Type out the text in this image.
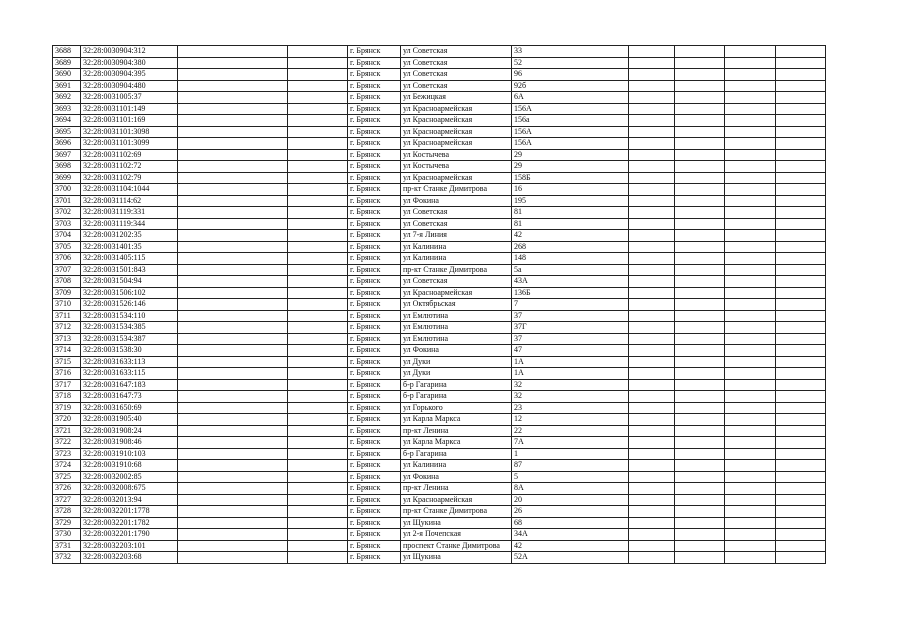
3688	32:28:0030904:312			г. Брянск	ул Советская	33				
3689	32:28:0030904:380			г. Брянск	ул Советская	52				
3690	32:28:0030904:395			г. Брянск	ул Советская	96				
3691	32:28:0030904:480			г. Брянск	ул Советская	92б				
3692	32:28:0031005:37			г. Брянск	ул Бежицкая	6А				
3693	32:28:0031101:149			г. Брянск	ул Красноармейская	156А				
3694	32:28:0031101:169			г. Брянск	ул Красноармейская	156а				
3695	32:28:0031101:3098			г. Брянск	ул Красноармейская	156А				
3696	32:28:0031101:3099			г. Брянск	ул Красноармейская	156А				
3697	32:28:0031102:69			г. Брянск	ул Костычева	29				
3698	32:28:0031102:72			г. Брянск	ул Костычева	29				
3699	32:28:0031102:79			г. Брянск	ул Красноармейская	158Б				
3700	32:28:0031104:1044			г. Брянск	пр-кт Станке Димитрова	16				
3701	32:28:0031114:62			г. Брянск	ул Фокина	195				
3702	32:28:0031119:331			г. Брянск	ул Советская	81				
3703	32:28:0031119:344			г. Брянск	ул Советская	81				
3704	32:28:0031202:35			г. Брянск	ул 7-я Линия	42				
3705	32:28:0031401:35			г. Брянск	ул Калинина	268				
3706	32:28:0031405:115			г. Брянск	ул Калинина	148				
3707	32:28:0031501:843			г. Брянск	пр-кт Станке Димитрова	5а				
3708	32:28:0031504:94			г. Брянск	ул Советская	43А				
3709	32:28:0031506:102			г. Брянск	ул Красноармейская	136Б				
3710	32:28:0031526:146			г. Брянск	ул Октябрьская	7				
3711	32:28:0031534:110			г. Брянск	ул Емлютина	37				
3712	32:28:0031534:385			г. Брянск	ул Емлютина	37Г				
3713	32:28:0031534:387			г. Брянск	ул Емлютина	37				
3714	32:28:0031538:30			г. Брянск	ул Фокина	47				
3715	32:28:0031633:113			г. Брянск	ул Дуки	1А				
3716	32:28:0031633:115			г. Брянск	ул Дуки	1А				
3717	32:28:0031647:183			г. Брянск	б-р Гагарина	32				
3718	32:28:0031647:73			г. Брянск	б-р Гагарина	32				
3719	32:28:0031650:69			г. Брянск	ул Горького	23				
3720	32:28:0031905:40			г. Брянск	ул Карла Маркса	12				
3721	32:28:0031908:24			г. Брянск	пр-кт Ленина	22				
3722	32:28:0031908:46			г. Брянск	ул Карла Маркса	7А				
3723	32:28:0031910:103			г. Брянск	б-р Гагарина	1				
3724	32:28:0031910:68			г. Брянск	ул Калинина	87				
3725	32:28:0032002:85			г. Брянск	ул Фокина	5				
3726	32:28:0032008:675			г. Брянск	пр-кт Ленина	8А				
3727	32:28:0032013:94			г. Брянск	ул Красноармейская	20				
3728	32:28:0032201:1778			г. Брянск	пр-кт Станке Димитрова	26				
3729	32:28:0032201:1782			г. Брянск	ул Щукина	68				
3730	32:28:0032201:1790			г. Брянск	ул 2-я Почепская	34А				
3731	32:28:0032203:101			г. Брянск	проспект Станке Димитрова	42				
3732	32:28:0032203:68			г. Брянск	ул Щукина	52А				
